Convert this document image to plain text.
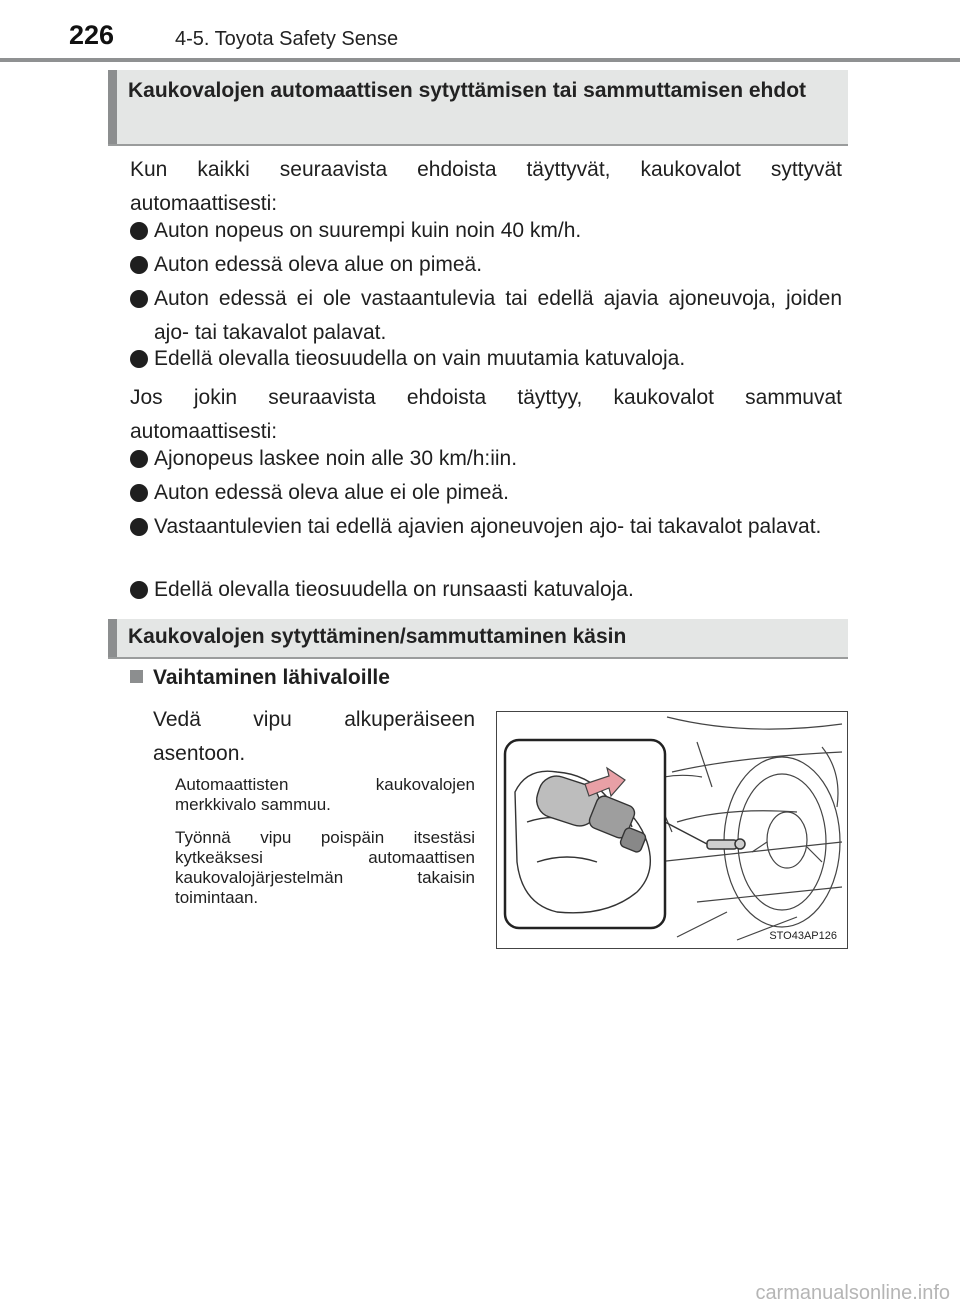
226	4-5. Toyota Safety Sense
Kaukovalojen automaattisen sytyttämisen tai sammuttamisen ehdot
Kun kaikki seuraavista ehdoista täyttyvät, kaukovalot syttyvät automaattisesti:
Auton nopeus on suurempi kuin noin 40 km/h.
Auton edessä oleva alue on pimeä.
Auton edessä ei ole vastaantulevia tai edellä ajavia ajoneuvoja, joiden ajo- tai takavalot palavat.
Edellä olevalla tieosuudella on vain muutamia katuvaloja.
Jos jokin seuraavista ehdoista täyttyy, kaukovalot sammuvat automaattisesti:
Ajonopeus laskee noin alle 30 km/h:iin.
Auton edessä oleva alue ei ole pimeä.
Vastaantulevien tai edellä ajavien ajoneuvojen ajo- tai takavalot palavat.
Edellä olevalla tieosuudella on runsaasti katuvaloja.
Kaukovalojen sytyttäminen/sammuttaminen käsin
Vaihtaminen lähivaloille
Vedä vipu alkuperäiseen asentoon.
Automaattisten kaukovalojen merkkivalo sammuu.
Työnnä vipu poispäin itsestäsi kytkeäksesi automaattisen kaukovalojärjestelmän takaisin toimintaan.
STO43AP126
carmanualsonline.info
